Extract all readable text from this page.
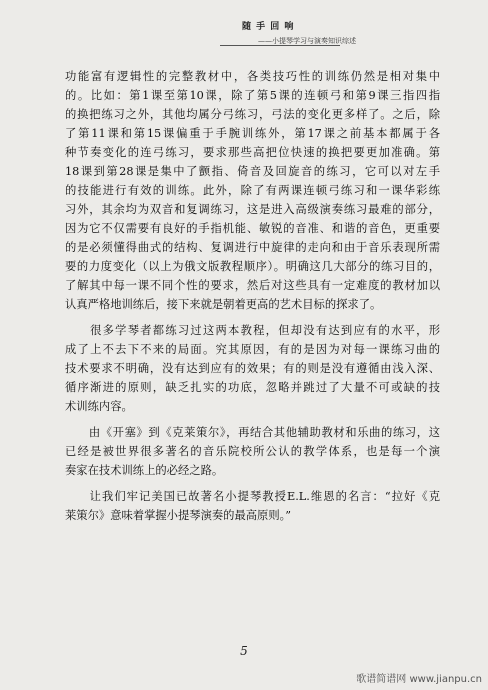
随 手 回 响
——小提琴学习与演奏知识综述
功能富有逻辑性的完整教材中，各类技巧性的训练仍然是相对集中
的。比如：第1课至第10课，除了第5课的连顿弓和第9课三指四指
的换把练习之外，其他均属分弓练习，弓法的变化更多样了。之后，除
了第11课和第15课偏重于手腕训练外，第17课之前基本都属于各
种节奏变化的连弓练习，要求那些高把位快速的换把要更加准确。第
18课到第28课是集中了颤指、倚音及回旋音的练习，它可以对左手
的技能进行有效的训练。此外，除了有两课连顿弓练习和一课华彩练
习外，其余均为双音和复调练习，这是进入高级演奏练习最难的部分，
因为它不仅需要有良好的手指机能、敏锐的音准、和谐的音色，更重要
的是必须懂得曲式的结构、复调进行中旋律的走向和由于音乐表现所需
要的力度变化（以上为俄文版教程顺序）。明确这几大部分的练习目的，
了解其中每一课不同个性的要求，然后对这些具有一定难度的教材加以
认真严格地训练后，接下来就是朝着更高的艺术目标的探求了。
　　很多学琴者都练习过这两本教程，但却没有达到应有的水平，形
成了上不去下不来的局面。究其原因，有的是因为对每一课练习曲的
技术要求不明确，没有达到应有的效果；有的则是没有遵循由浅入深、
循序渐进的原则，缺乏扎实的功底，忽略并跳过了大量不可或缺的技
术训练内容。
　　由《开塞》到《克莱策尔》，再结合其他辅助教材和乐曲的练习，这
已经是被世界很多著名的音乐院校所公认的教学体系，也是每一个演
奏家在技术训练上的必经之路。
　　让我们牢记美国已故著名小提琴教授E.L.维恩的名言：“拉好《克
莱策尔》意味着掌握小提琴演奏的最高原则。”
5
歌谱简谱网 www.jianpu.cn
